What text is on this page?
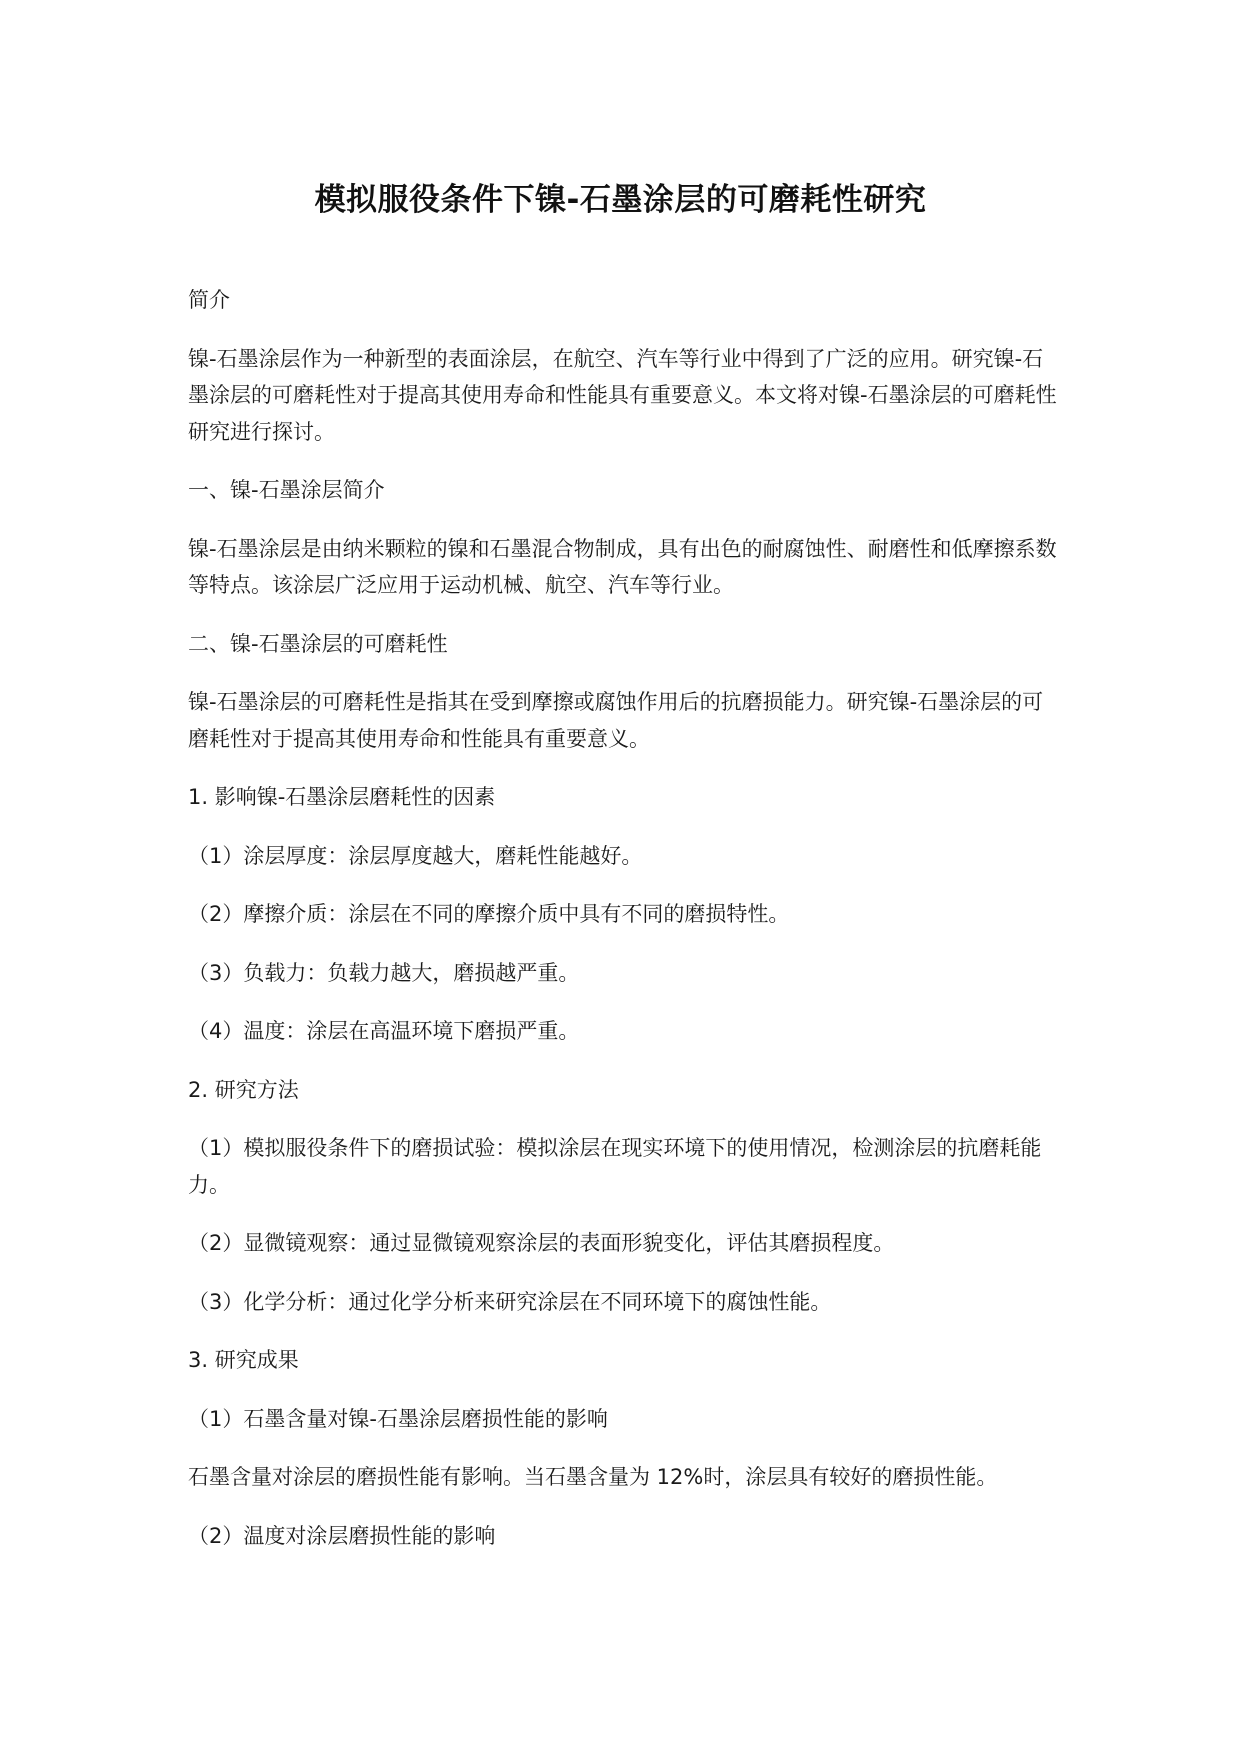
模拟服役条件下镍-石墨涂层的可磨耗性研究

简介

镍-石墨涂层作为一种新型的表面涂层，在航空、汽车等行业中得到了广泛的应用。研究镍-石墨涂层的可磨耗性对于提高其使用寿命和性能具有重要意义。本文将对镍-石墨涂层的可磨耗性研究进行探讨。

一、镍-石墨涂层简介

镍-石墨涂层是由纳米颗粒的镍和石墨混合物制成，具有出色的耐腐蚀性、耐磨性和低摩擦系数等特点。该涂层广泛应用于运动机械、航空、汽车等行业。

二、镍-石墨涂层的可磨耗性

镍-石墨涂层的可磨耗性是指其在受到摩擦或腐蚀作用后的抗磨损能力。研究镍-石墨涂层的可磨耗性对于提高其使用寿命和性能具有重要意义。

1. 影响镍-石墨涂层磨耗性的因素

（1）涂层厚度：涂层厚度越大，磨耗性能越好。

（2）摩擦介质：涂层在不同的摩擦介质中具有不同的磨损特性。

（3）负载力：负载力越大，磨损越严重。

（4）温度：涂层在高温环境下磨损严重。

2. 研究方法

（1）模拟服役条件下的磨损试验：模拟涂层在现实环境下的使用情况，检测涂层的抗磨耗能力。

（2）显微镜观察：通过显微镜观察涂层的表面形貌变化，评估其磨损程度。

（3）化学分析：通过化学分析来研究涂层在不同环境下的腐蚀性能。

3. 研究成果

（1）石墨含量对镍-石墨涂层磨损性能的影响

石墨含量对涂层的磨损性能有影响。当石墨含量为 12%时，涂层具有较好的磨损性能。

（2）温度对涂层磨损性能的影响
